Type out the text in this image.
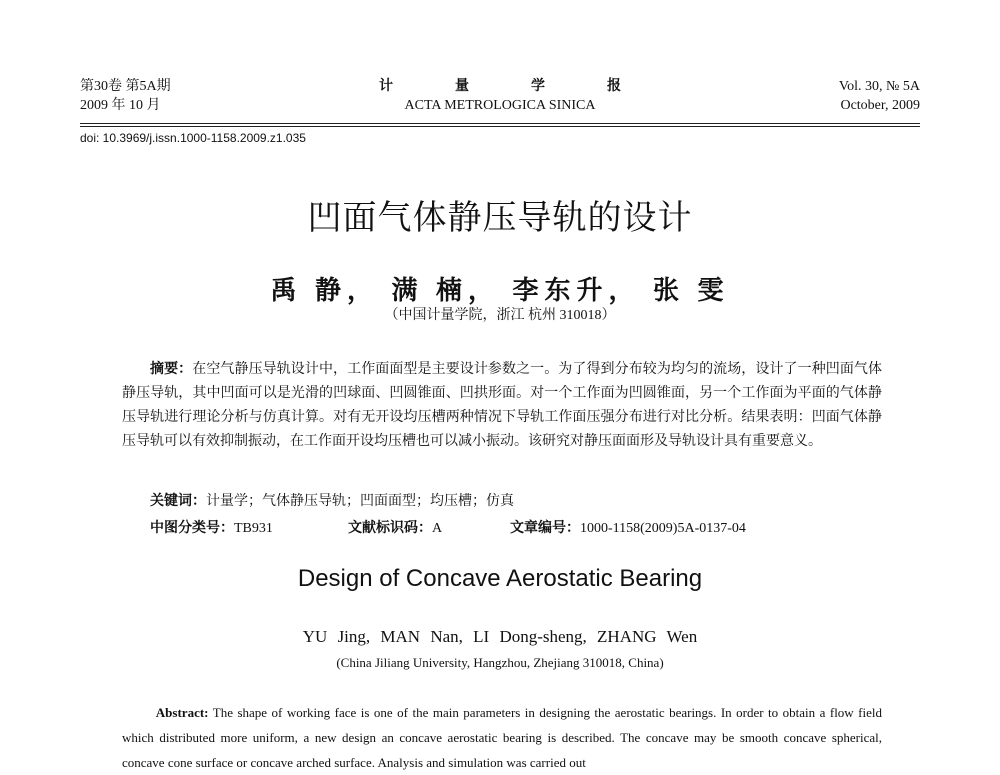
第30卷 第5A期
2009 年 10 月
计量学报
ACTA METROLOGICA SINICA
Vol. 30, № 5A
October, 2009
doi: 10.3969/j.issn.1000-1158.2009.z1.035
凹面气体静压导轨的设计
禹 静， 满 楠， 李东升， 张 雯
（中国计量学院，浙江 杭州 310018）
摘要：在空气静压导轨设计中，工作面面型是主要设计参数之一。为了得到分布较为均匀的流场，设计了一种凹面气体静压导轨，其中凹面可以是光滑的凹球面、凹圆锥面、凹拱形面。对一个工作面为凹圆锥面，另一个工作面为平面的气体静压导轨进行理论分析与仿真计算。对有无开设均压槽两种情况下导轨工作面压强分布进行对比分析。结果表明：凹面气体静压导轨可以有效抑制振动，在工作面开设均压槽也可以减小振动。该研究对静压面面形及导轨设计具有重要意义。
关键词：计量学；气体静压导轨；凹面面型；均压槽；仿真
中图分类号：TB931	文献标识码：A	文章编号：1000-1158(2009)5A-0137-04
Design of Concave Aerostatic Bearing
YU Jing, MAN Nan, LI Dong-sheng, ZHANG Wen
(China Jiliang University, Hangzhou, Zhejiang 310018, China)
Abstract: The shape of working face is one of the main parameters in designing the aerostatic bearings. In order to obtain a flow field which distributed more uniform, a new design an concave aerostatic bearing is described. The concave may be smooth concave spherical, concave cone surface or concave arched surface. Analysis and simulation was carried out
